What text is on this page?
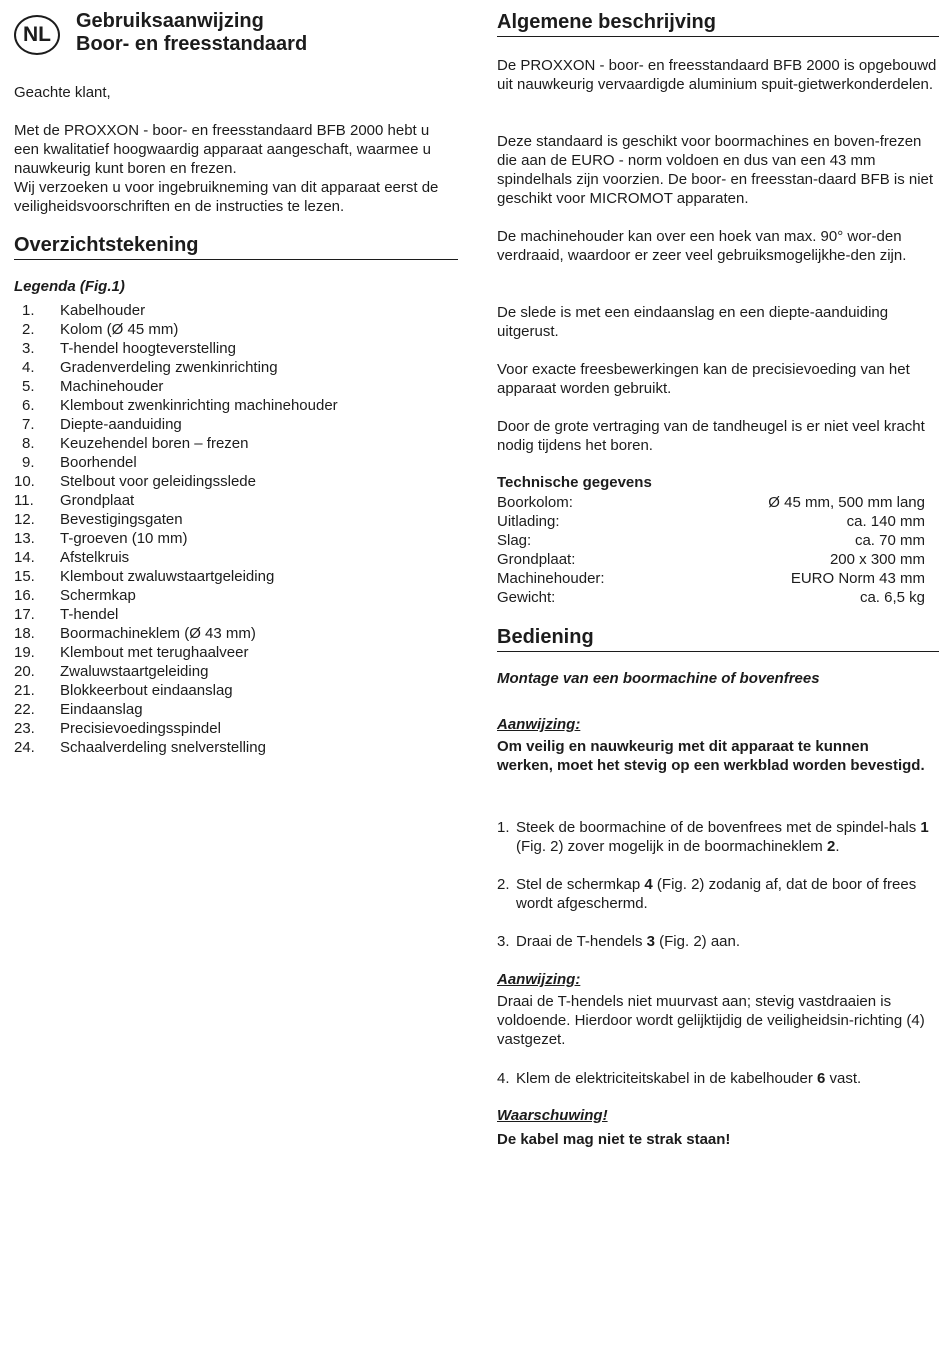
NL
Gebruiksaanwijzing
Boor- en freesstandaard

Geachte klant,

Met de PROXXON - boor- en freesstandaard BFB 2000 hebt u een kwalitatief hoogwaardig apparaat aangeschaft, waarmee u nauwkeurig kunt boren en frezen.
Wij verzoeken u voor ingebruikneming van dit apparaat eerst de veiligheidsvoorschriften en de instructies te lezen.

Overzichtstekening
Legenda (Fig.1)
1.	Kabelhouder
2.	Kolom (Ø 45 mm)
3.	T-hendel hoogteverstelling
4.	Gradenverdeling zwenkinrichting
5.	Machinehouder
6.	Klembout zwenkinrichting machinehouder
7.	Diepte-aanduiding
8.	Keuzehendel boren – frezen
9.	Boorhendel
10.	Stelbout voor geleidingsslede
11.	Grondplaat
12.	Bevestigingsgaten
13.	T-groeven (10 mm)
14.	Afstelkruis
15.	Klembout zwaluwstaartgeleiding
16.	Schermkap
17.	T-hendel
18.	Boormachineklem (Ø 43 mm)
19.	Klembout met terughaalveer
20.	Zwaluwstaartgeleiding
21.	Blokkeerbout eindaanslag
22.	Eindaanslag
23.	Precisievoedingsspindel
24.	Schaalverdeling snelverstelling
Algemene beschrijving

De PROXXON - boor- en freesstandaard BFB 2000 is opgebouwd uit nauwkeurig vervaardigde aluminium spuit-gietwerkonderdelen.

Deze standaard is geschikt voor boormachines en boven-frezen die aan de EURO - norm voldoen en dus van een 43 mm spindelhals zijn voorzien. De boor- en freesstan-daard BFB is niet geschikt voor MICROMOT apparaten.

De machinehouder kan over een hoek van max. 90° wor-den verdraaid, waardoor er zeer veel gebruiksmogelijkhe-den zijn.

De slede is met een eindaanslag en een diepte-aanduiding uitgerust.

Voor exacte freesbewerkingen kan de precisievoeding van het apparaat worden gebruikt.

Door de grote vertraging van de tandheugel is er niet veel kracht nodig tijdens het boren.

Technische gegevens
Boorkolom:	Ø 45 mm, 500 mm lang
Uitlading:	ca. 140 mm
Slag:	ca. 70 mm
Grondplaat:	200 x 300 mm
Machinehouder:	EURO Norm 43 mm
Gewicht:	ca. 6,5 kg
Bediening
Montage van een boormachine of bovenfrees
Aanwijzing:

Om veilig en nauwkeurig met dit apparaat te kunnen werken, moet het stevig op een werkblad worden bevestigd.

1. Steek de boormachine of de bovenfrees met de spindel-hals 1 (Fig. 2) zover mogelijk in de boormachineklem 2.
2. Stel de schermkap 4 (Fig. 2) zodanig af, dat de boor of frees wordt afgeschermd.
3. Draai de T-hendels 3 (Fig. 2) aan.
Aanwijzing:

Draai de T-hendels niet muurvast aan; stevig vastdraaien is voldoende. Hierdoor wordt gelijktijdig de veiligheidsin-richting (4) vastgezet.

4. Klem de elektriciteitskabel in de kabelhouder 6 vast.
Waarschuwing!

De kabel mag niet te strak staan!
